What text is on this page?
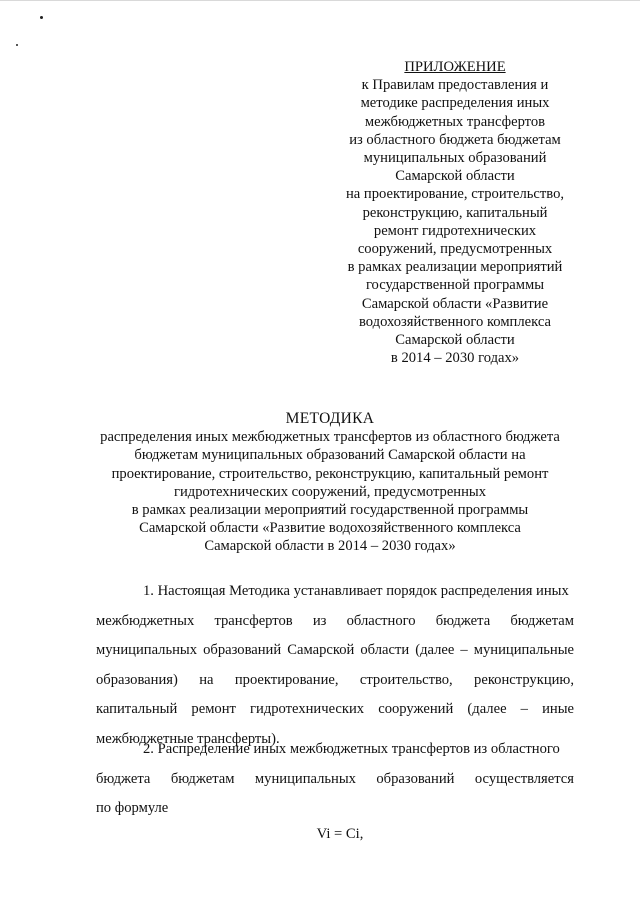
ПРИЛОЖЕНИЕ
к Правилам предоставления и
методике распределения иных
межбюджетных трансфертов
из областного бюджета бюджетам
муниципальных образований
Самарской области
на проектирование, строительство,
реконструкцию, капитальный
ремонт гидротехнических
сооружений, предусмотренных
в рамках реализации мероприятий
государственной программы
Самарской области «Развитие
водохозяйственного комплекса
Самарской области
в 2014 – 2030 годах»
МЕТОДИКА
распределения иных межбюджетных трансфертов из областного бюджета
бюджетам муниципальных образований Самарской области на
проектирование, строительство, реконструкцию, капитальный ремонт
гидротехнических сооружений, предусмотренных
в рамках реализации мероприятий государственной программы
Самарской области «Развитие водохозяйственного комплекса
Самарской области в 2014 – 2030 годах»
1. Настоящая Методика устанавливает порядок распределения иных
межбюджетных трансфертов из областного бюджета бюджетам
муниципальных образований Самарской области (далее – муниципальные
образования) на проектирование, строительство, реконструкцию,
капитальный ремонт гидротехнических сооружений (далее – иные
межбюджетные трансферты).
2. Распределение иных межбюджетных трансфертов из областного
бюджета бюджетам муниципальных образований осуществляется
по формуле
Vi = Ci,
